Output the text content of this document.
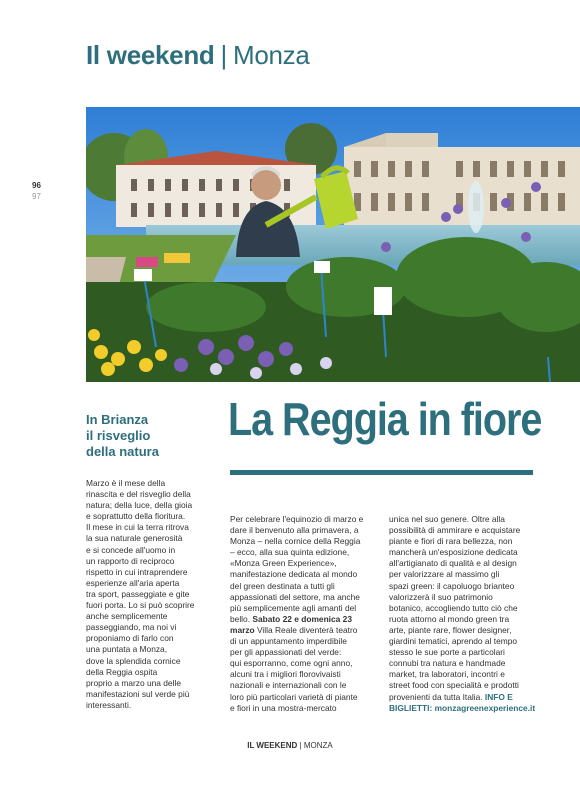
Il weekend | Monza
96
97
In Brianza
il risveglio
della natura
La Reggia in fiore
Marzo è il mese della
rinascita e del risveglio della
natura; della luce, della gioia
e soprattutto della fioritura.
Il mese in cui la terra ritrova
la sua naturale generosità
e si concede all'uomo in
un rapporto di reciproco
rispetto in cui intraprendere
esperienze all'aria aperta
tra sport, passeggiate e gite
fuori porta. Lo si può scoprire
anche semplicemente
passeggiando, ma noi vi
proponiamo di farlo con
una puntata a Monza,
dove la splendida cornice
della Reggia ospita
proprio a marzo una delle
manifestazioni sul verde più
interessanti.
Per celebrare l'equinozio di marzo e
dare il benvenuto alla primavera, a
Monza – nella cornice della Reggia
– ecco, alla sua quinta edizione,
«Monza Green Experience»,
manifestazione dedicata al mondo
del green destinata a tutti gli
appassionati del settore, ma anche
più semplicemente agli amanti del
bello. Sabato 22 e domenica 23
marzo Villa Reale diventerà teatro
di un appuntamento imperdibile
per gli appassionati del verde:
qui esporranno, come ogni anno,
alcuni tra i migliori florovivaisti
nazionali e internazionali con le
loro più particolari varietà di piante
e fiori in una mostra-mercato
unica nel suo genere. Oltre alla
possibilità di ammirare e acquistare
piante e fiori di rara bellezza, non
mancherà un'esposizione dedicata
all'artigianato di qualità e al design
per valorizzare al massimo gli
spazi green: il capoluogo brianteo
valorizzerà il suo patrimonio
botanico, accogliendo tutto ciò che
ruota attorno al mondo green tra
arte, piante rare, flower designer,
giardini tematici, aprendo al tempo
stesso le sue porte a particolari
connubi tra natura e handmade
market, tra laboratori, incontri e
street food con specialità e prodotti
provenienti da tutta Italia. INFO E
BIGLIETTI: monzagreenexperience.it
IL WEEKEND | MONZA
